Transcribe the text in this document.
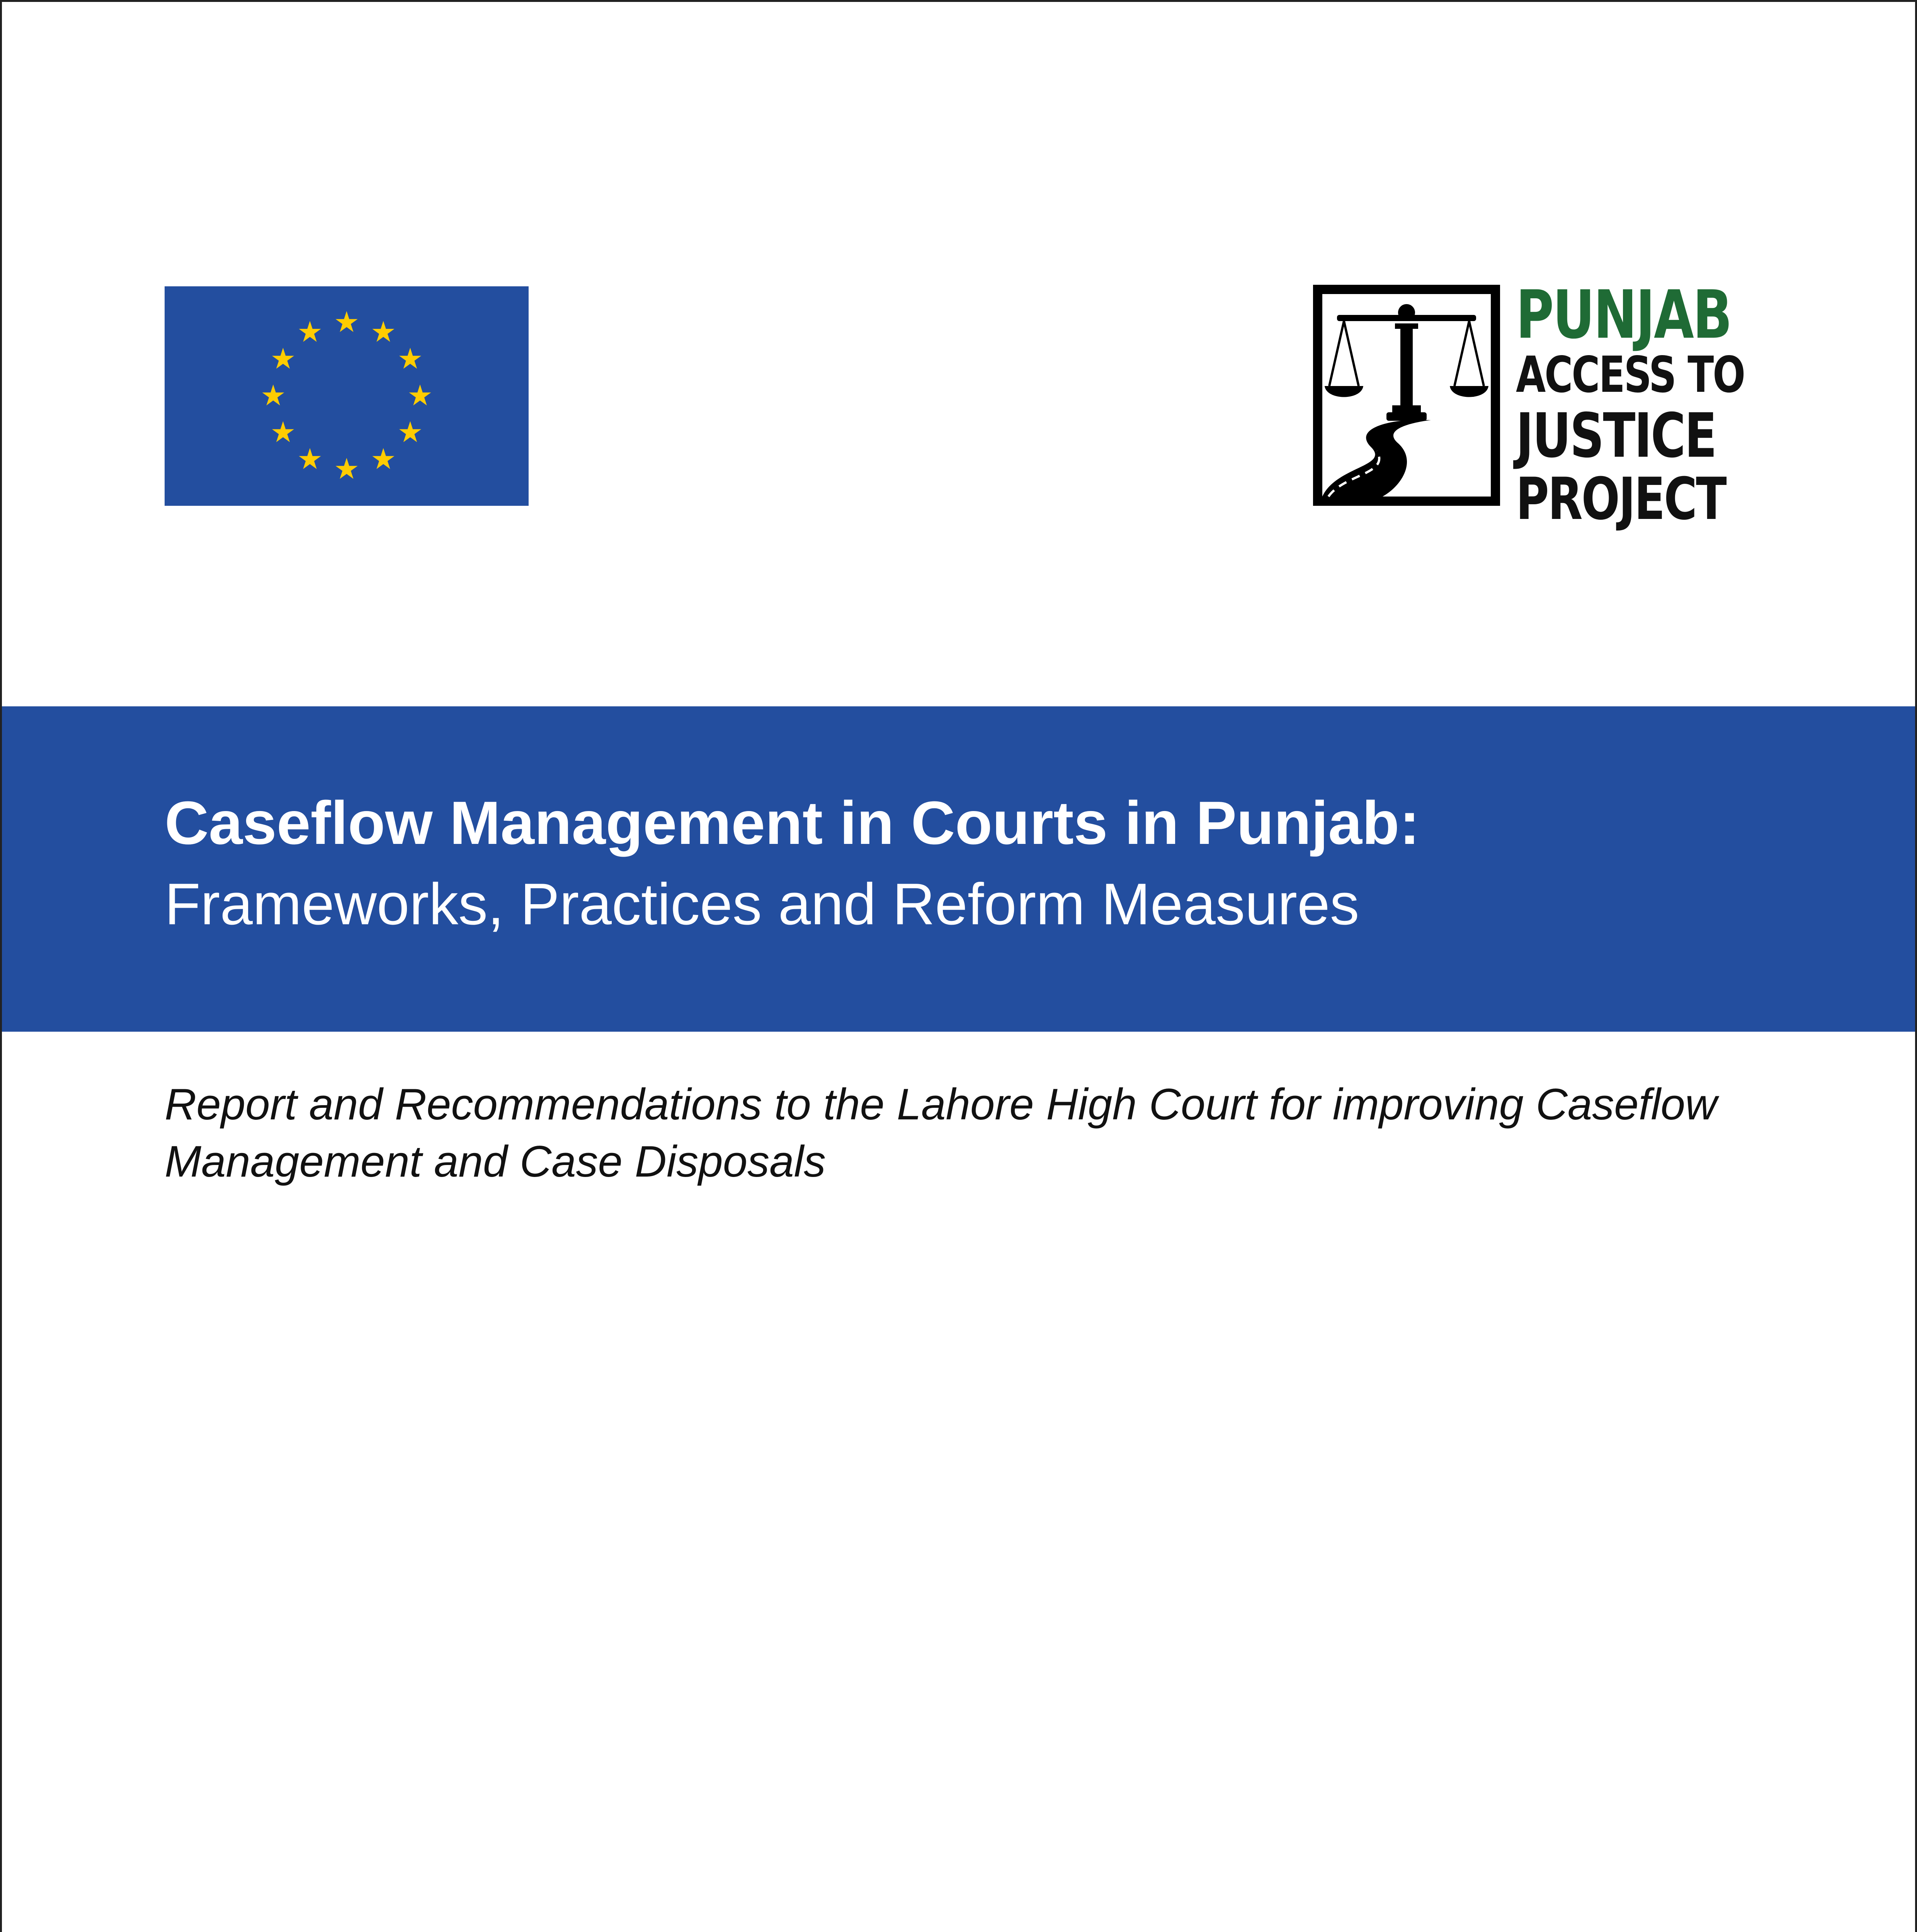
PUNJAB
ACCESS TO
JUSTICE
PROJECT
Caseflow Management in Courts in Punjab:
Frameworks, Practices and Reform Measures

Report and Recommendations to the Lahore High Court for improving Caseflow Management and Case Disposals
